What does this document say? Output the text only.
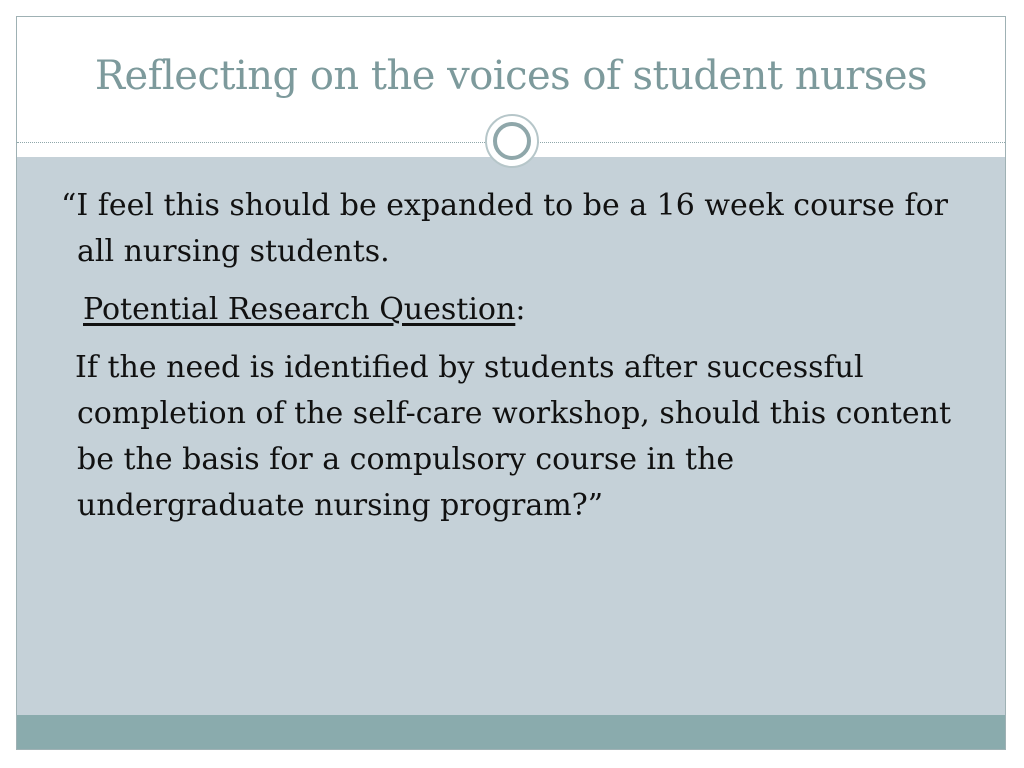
Reflecting on the voices of student nurses

“I feel this should be expanded to be a 16 week course for all nursing students.

Potential Research Question:

If the need is identified by students after successful completion of the self-care workshop, should this content be the basis for a compulsory course in the undergraduate nursing program?”
